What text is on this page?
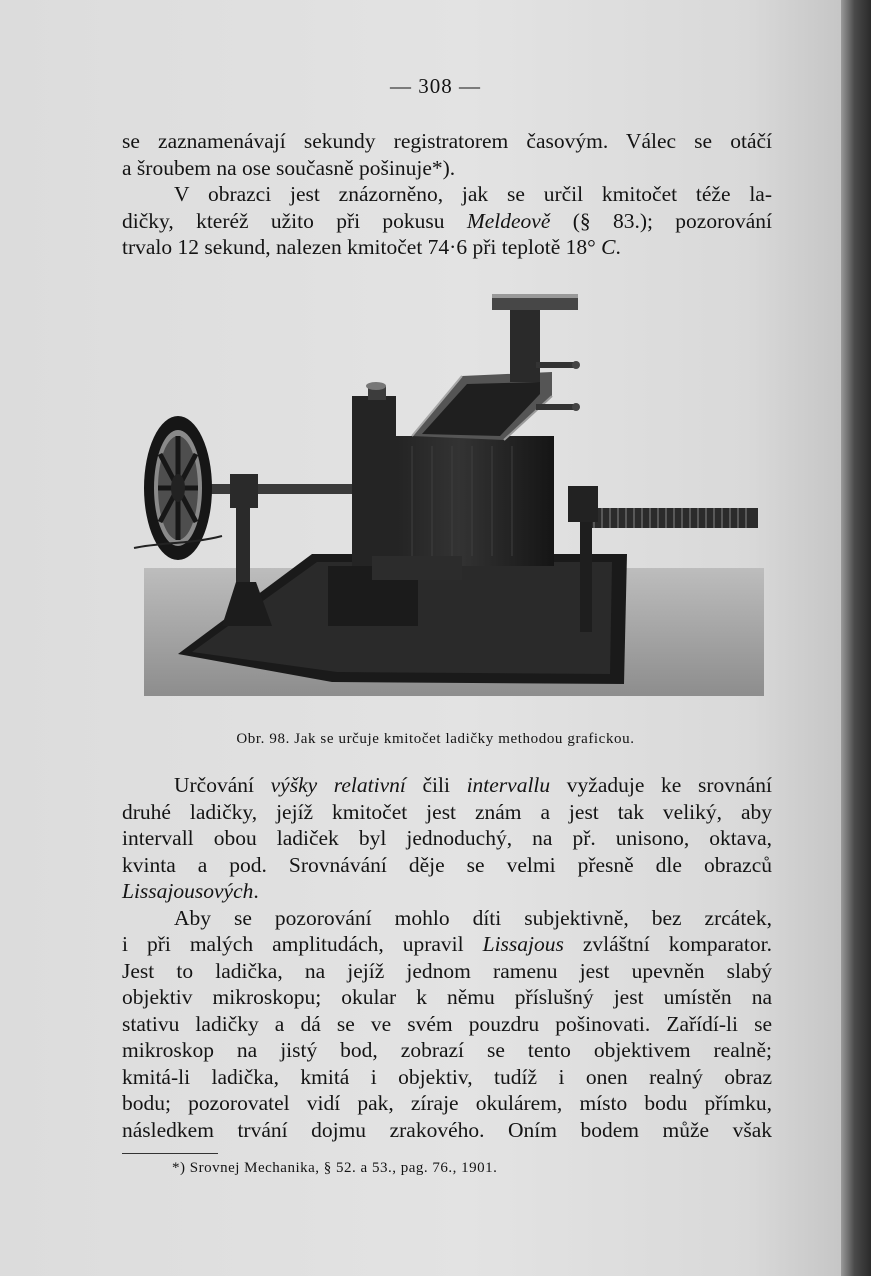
— 308 —
se zaznamenávají sekundy registratorem časovým. Válec se otáčí
a šroubem na ose současně pošinuje*).
V obrazci jest znázorněno, jak se určil kmitočet téže la-
dičky, kteréž užito při pokusu Meldeově (§ 83.); pozorování
trvalo 12 sekund, nalezen kmitočet 74·6 při teplotě 18° C.
Obr. 98. Jak se určuje kmitočet ladičky methodou grafickou.
Určování výšky relativní čili intervallu vyžaduje ke srovnání
druhé ladičky, jejíž kmitočet jest znám a jest tak veliký, aby
intervall obou ladiček byl jednoduchý, na př. unisono, oktava,
kvinta a pod. Srovnávání děje se velmi přesně dle obrazců
Lissajousových.
Aby se pozorování mohlo díti subjektivně, bez zrcátek,
i při malých amplitudách, upravil Lissajous zvláštní komparator.
Jest to ladička, na jejíž jednom ramenu jest upevněn slabý
objektiv mikroskopu; okular k němu příslušný jest umístěn na
stativu ladičky a dá se ve svém pouzdru pošinovati. Zařídí-li se
mikroskop na jistý bod, zobrazí se tento objektivem realně;
kmitá-li ladička, kmitá i objektiv, tudíž i onen realný obraz
bodu; pozorovatel vidí pak, zíraje okulárem, místo bodu přímku,
následkem trvání dojmu zrakového. Oním bodem může však
*) Srovnej Mechanika, § 52. a 53., pag. 76., 1901.
